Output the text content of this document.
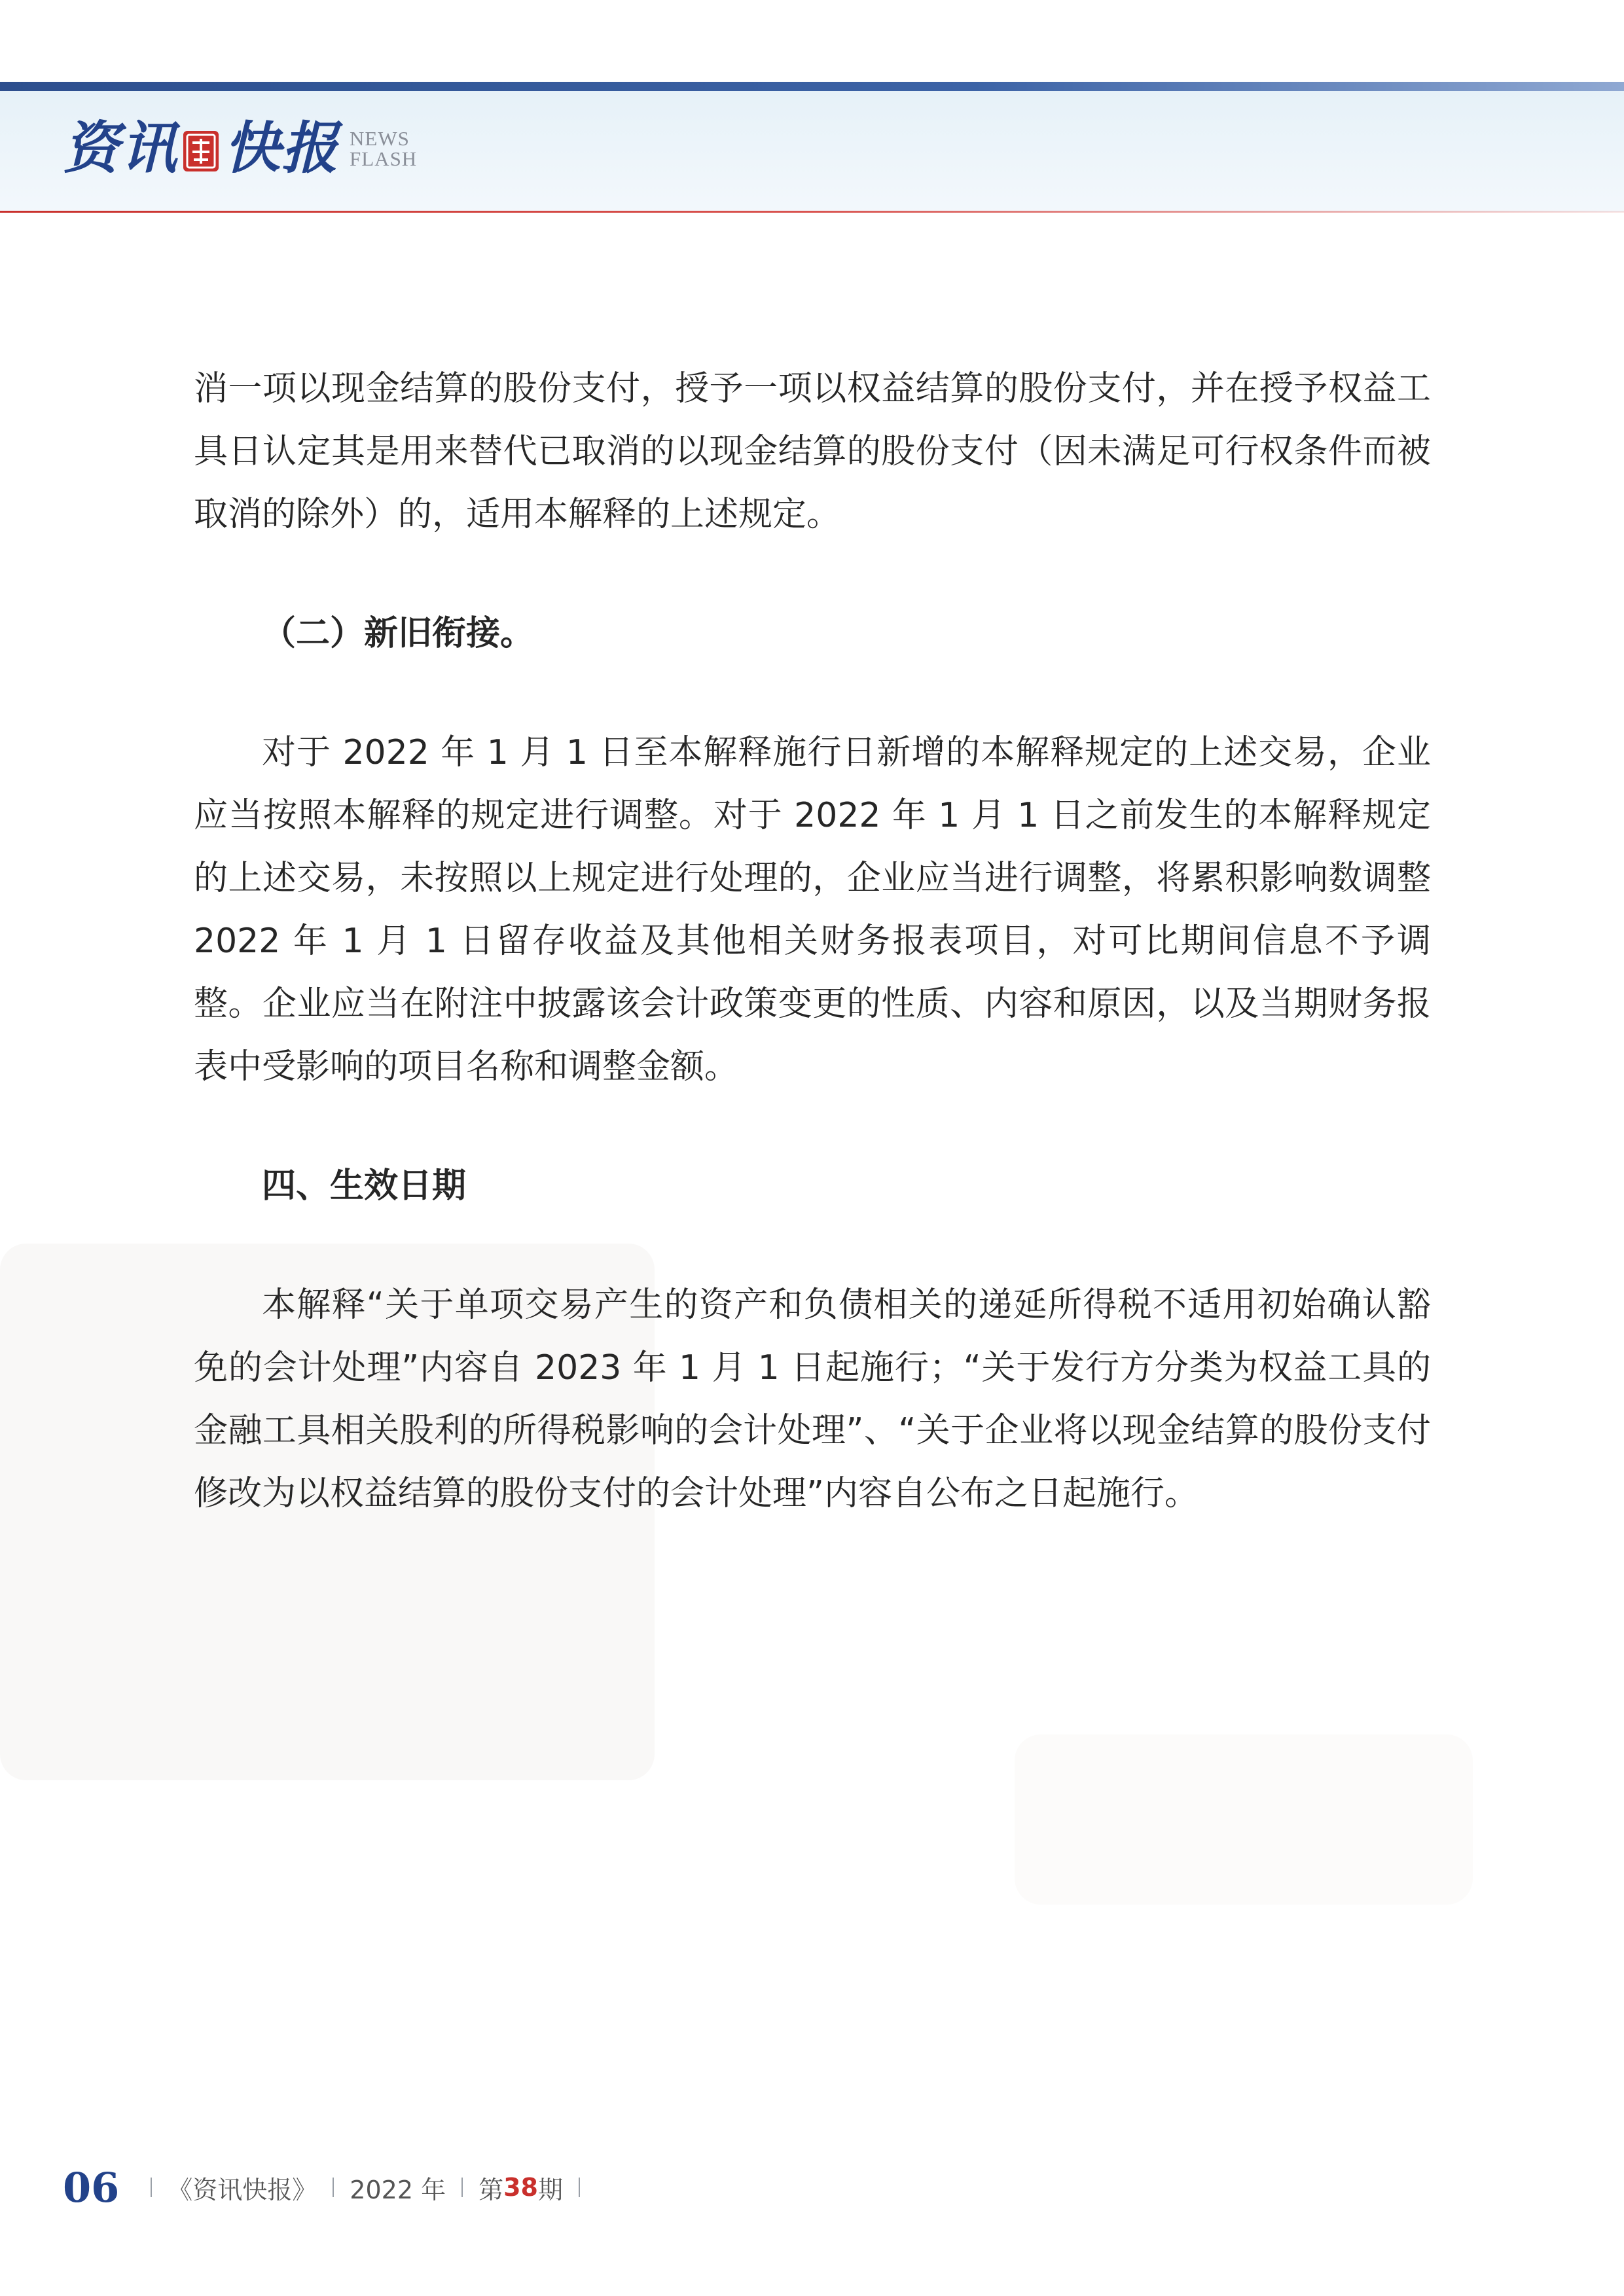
资讯 快报 NEWS
FLASH

消一项以现金结算的股份支付，授予一项以权益结算的股份支付，并在授予权益工具日认定其是用来替代已取消的以现金结算的股份支付（因未满足可行权条件而被取消的除外）的，适用本解释的上述规定。

（二）新旧衔接。

对于 2022 年 1 月 1 日至本解释施行日新增的本解释规定的上述交易，企业应当按照本解释的规定进行调整。对于 2022 年 1 月 1 日之前发生的本解释规定的上述交易，未按照以上规定进行处理的，企业应当进行调整，将累积影响数调整 2022 年 1 月 1 日留存收益及其他相关财务报表项目，对可比期间信息不予调整。企业应当在附注中披露该会计政策变更的性质、内容和原因，以及当期财务报表中受影响的项目名称和调整金额。

四、生效日期

本解释“关于单项交易产生的资产和负债相关的递延所得税不适用初始确认豁免的会计处理”内容自 2023 年 1 月 1 日起施行；“关于发行方分类为权益工具的金融工具相关股利的所得税影响的会计处理”、“关于企业将以现金结算的股份支付修改为以权益结算的股份支付的会计处理”内容自公布之日起施行。

06 《资讯快报》 2022 年 第 38 期
